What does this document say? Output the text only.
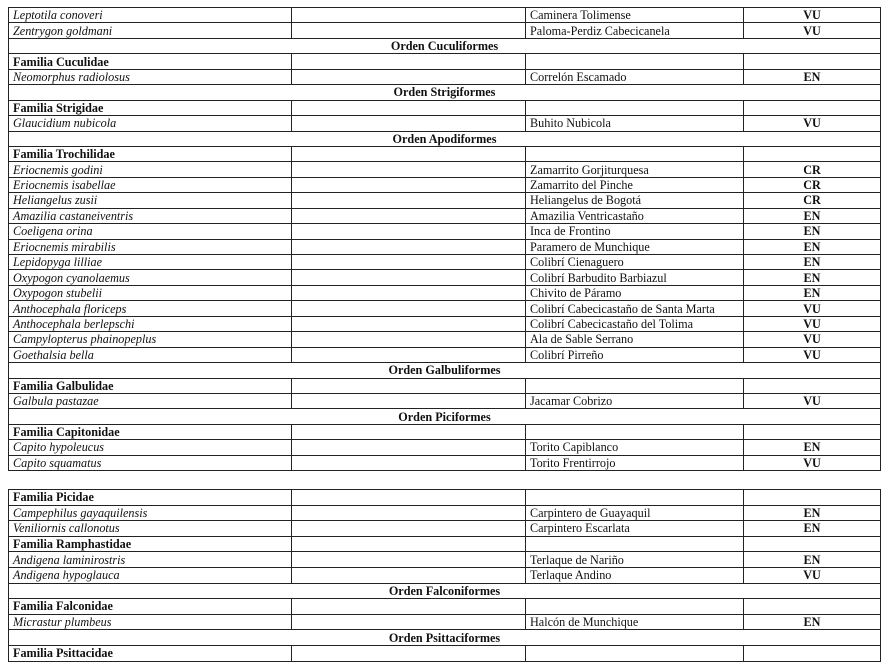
Leptotila conoveri		Caminera Tolimense	VU
Zentrygon goldmani		Paloma-Perdiz Cabecicanela	VU
Orden Cuculiformes			
Familia Cuculidae			
Neomorphus radiolosus		Correlón Escamado	EN
Orden Strigiformes			
Familia Strigidae			
Glaucidium nubicola		Buhito Nubicola	VU
Orden Apodiformes			
Familia Trochilidae			
Eriocnemis godini		Zamarrito Gorjiturquesa	CR
Eriocnemis isabellae		Zamarrito del Pinche	CR
Heliangelus zusii		Heliangelus de Bogotá	CR
Amazilia castaneiventris		Amazilia Ventricastaño	EN
Coeligena orina		Inca de Frontino	EN
Eriocnemis mirabilis		Paramero de Munchique	EN
Lepidopyga lilliae		Colibrí Cienaguero	EN
Oxypogon cyanolaemus		Colibrí Barbudito Barbiazul	EN
Oxypogon stubelii		Chivito de Páramo	EN
Anthocephala floriceps		Colibrí Cabecicastaño de Santa Marta	VU
Anthocephala berlepschi		Colibrí Cabecicastaño del Tolima	VU
Campylopterus phainopeplus		Ala de Sable Serrano	VU
Goethalsia bella		Colibrí Pirreño	VU
Orden Galbuliformes			
Familia Galbulidae			
Galbula pastazae		Jacamar Cobrizo	VU
Orden Piciformes			
Familia Capitonidae			
Capito hypoleucus		Torito Capiblanco	EN
Capito squamatus		Torito Frentirrojo	VU
Familia Picidae			
Campephilus gayaquilensis		Carpintero de Guayaquil	EN
Veniliornis callonotus		Carpintero Escarlata	EN
Familia Ramphastidae			
Andigena laminirostris		Terlaque de Nariño	EN
Andigena hypoglauca		Terlaque Andino	VU
Orden Falconiformes			
Familia Falconidae			
Micrastur plumbeus		Halcón de Munchique	EN
Orden Psittaciformes			
Familia Psittacidae			
